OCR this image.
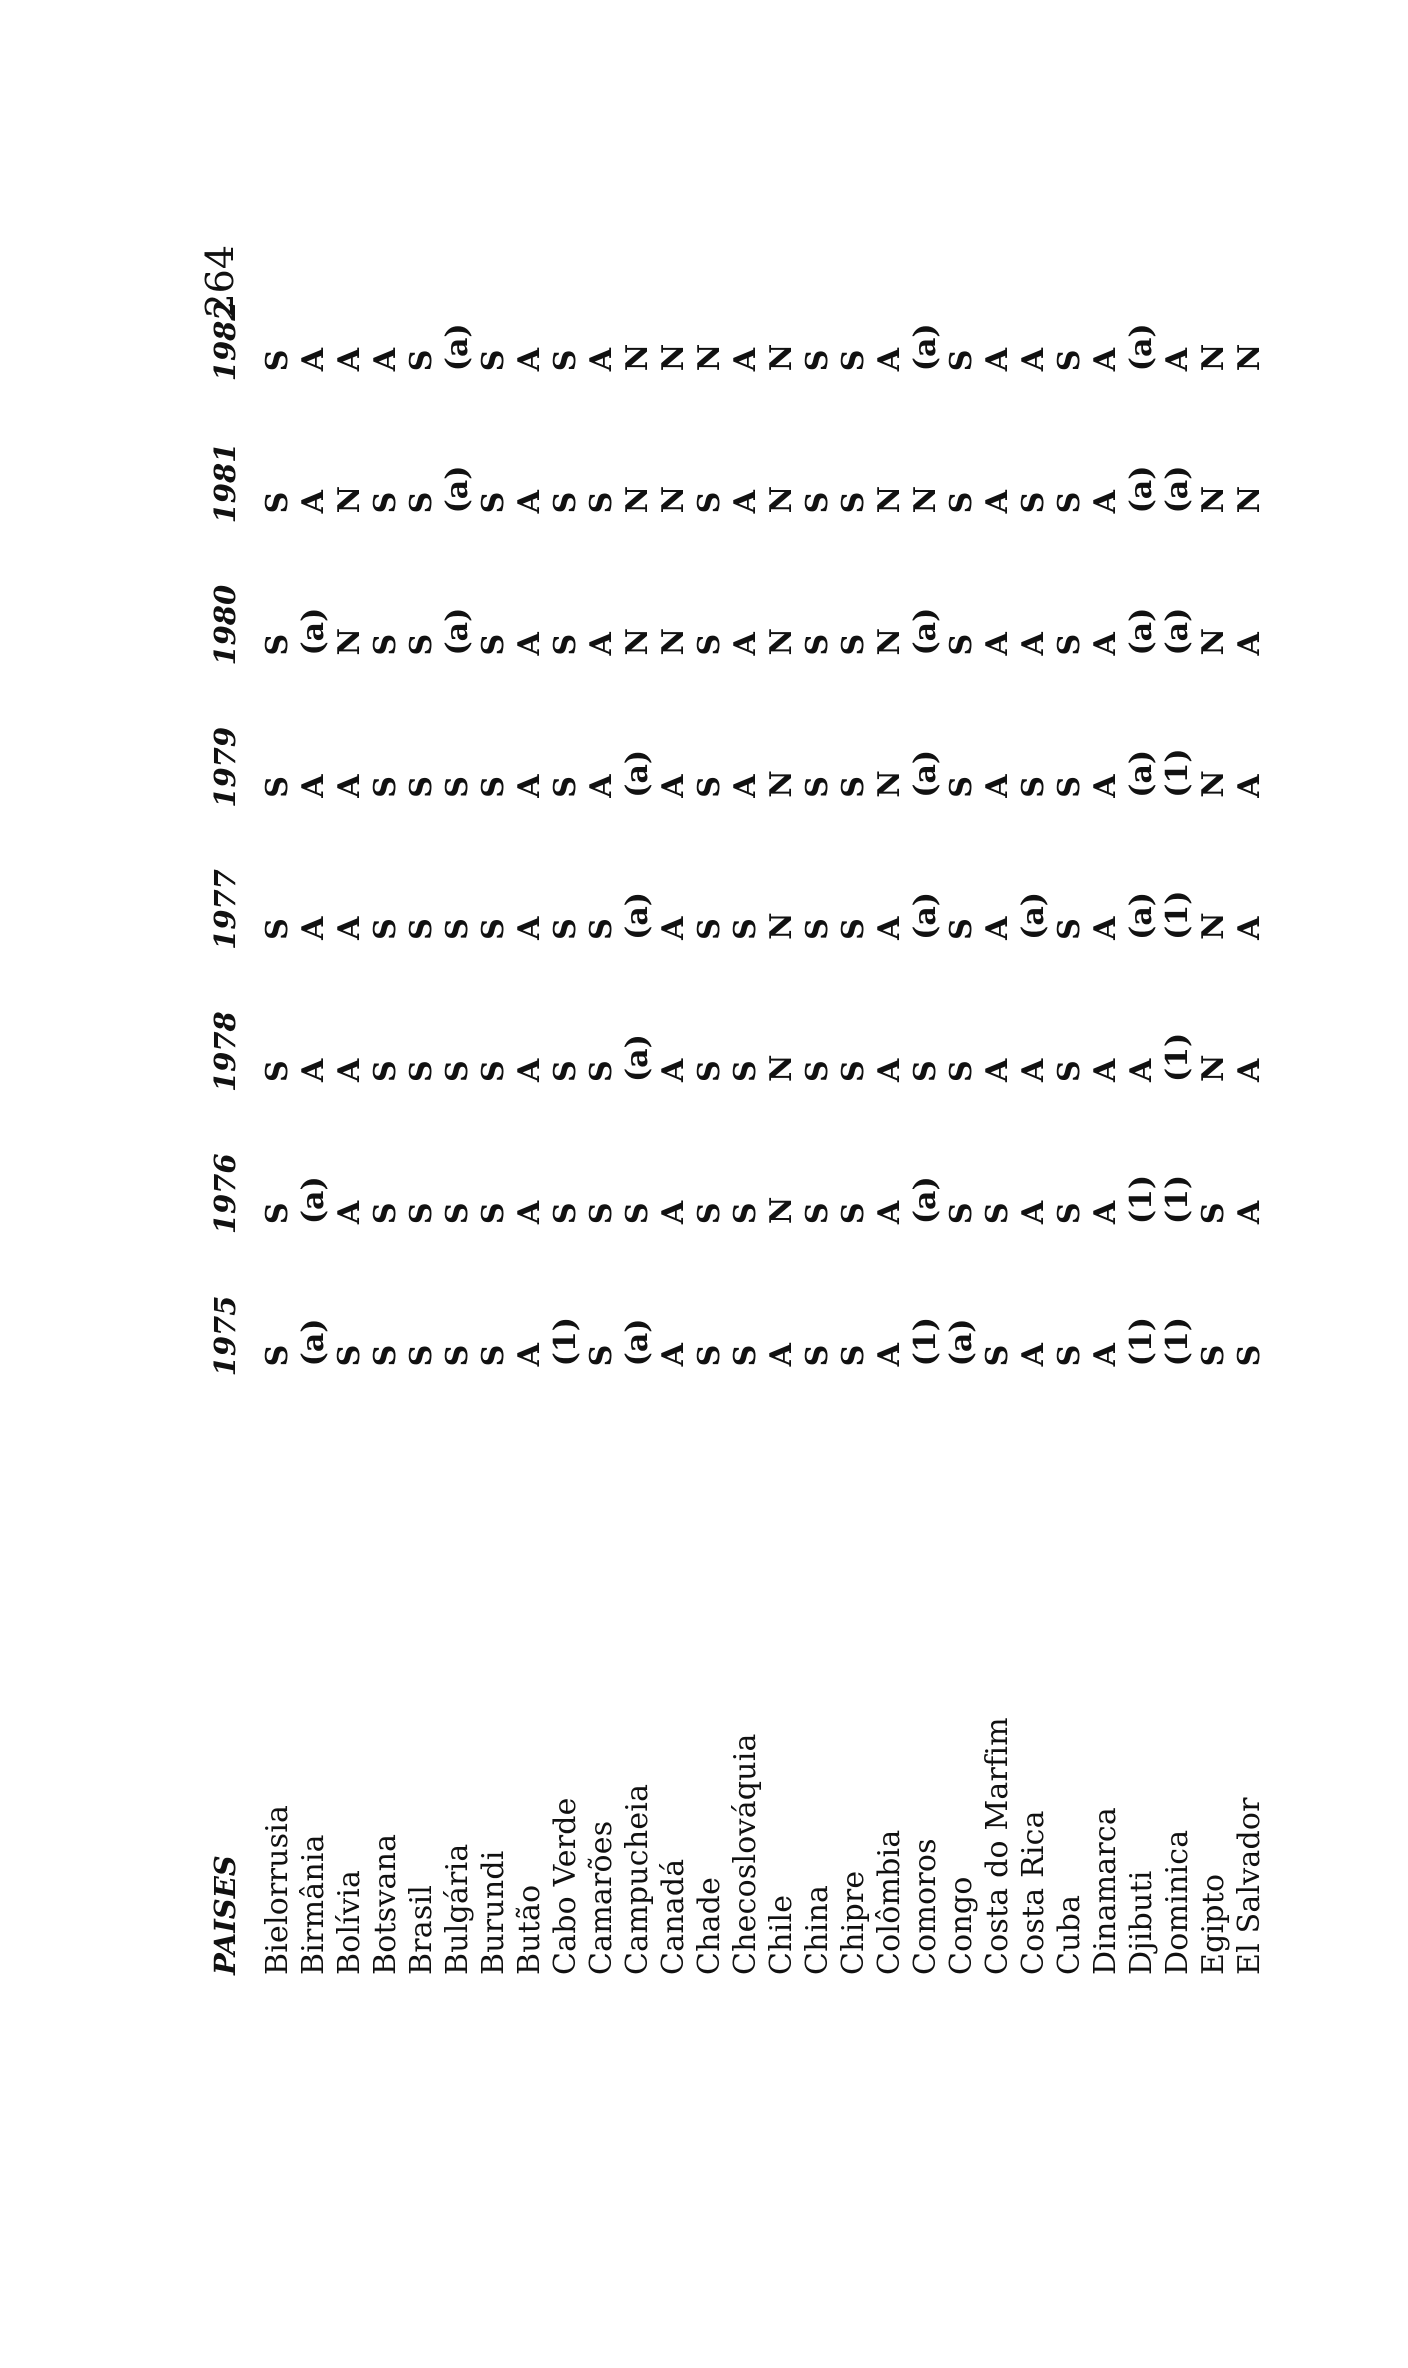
264

PAISES	1975	1976	1978	1977	1979	1980	1981	1982
Bielorrusia	S	S	S	S	S	S	S	S
Birmânia	(a)	(a)	A	A	A	(a)	A	A
Bolívia	S	A	A	A	A	N	N	A
Botsvana	S	S	S	S	S	S	S	A
Brasil	S	S	S	S	S	S	S	S
Bulgária	S	S	S	S	S	(a)	(a)	(a)
Burundi	S	S	S	S	S	S	S	S
Butão	A	A	A	A	A	A	A	A
Cabo Verde	(1)	S	S	S	S	S	S	S
Camarões	S	S	S	S	A	A	S	A
Campucheia	(a)	S	(a)	(a)	(a)	N	N	N
Canadá	A	A	A	A	A	N	N	N
Chade	S	S	S	S	S	S	S	N
Checoslováquia	S	S	S	S	A	A	A	A
Chile	A	N	N	N	N	N	N	N
China	S	S	S	S	S	S	S	S
Chipre	S	S	S	S	S	S	S	S
Colômbia	A	A	A	A	N	N	N	A
Comoros	(1)	(a)	S	(a)	(a)	(a)	N	(a)
Congo	(a)	S	S	S	S	S	S	S
Costa do Marfim	S	S	A	A	A	A	A	A
Costa Rica	A	A	A	(a)	S	A	S	A
Cuba	S	S	S	S	S	S	S	S
Dinamarca	A	A	A	A	A	A	A	A
Djibuti	(1)	(1)	A	(a)	(a)	(a)	(a)	(a)
Dominica	(1)	(1)	(1)	(1)	(1)	(a)	(a)	A
Egipto	S	S	N	N	N	N	N	N
El Salvador	S	A	A	A	A	A	N	N
